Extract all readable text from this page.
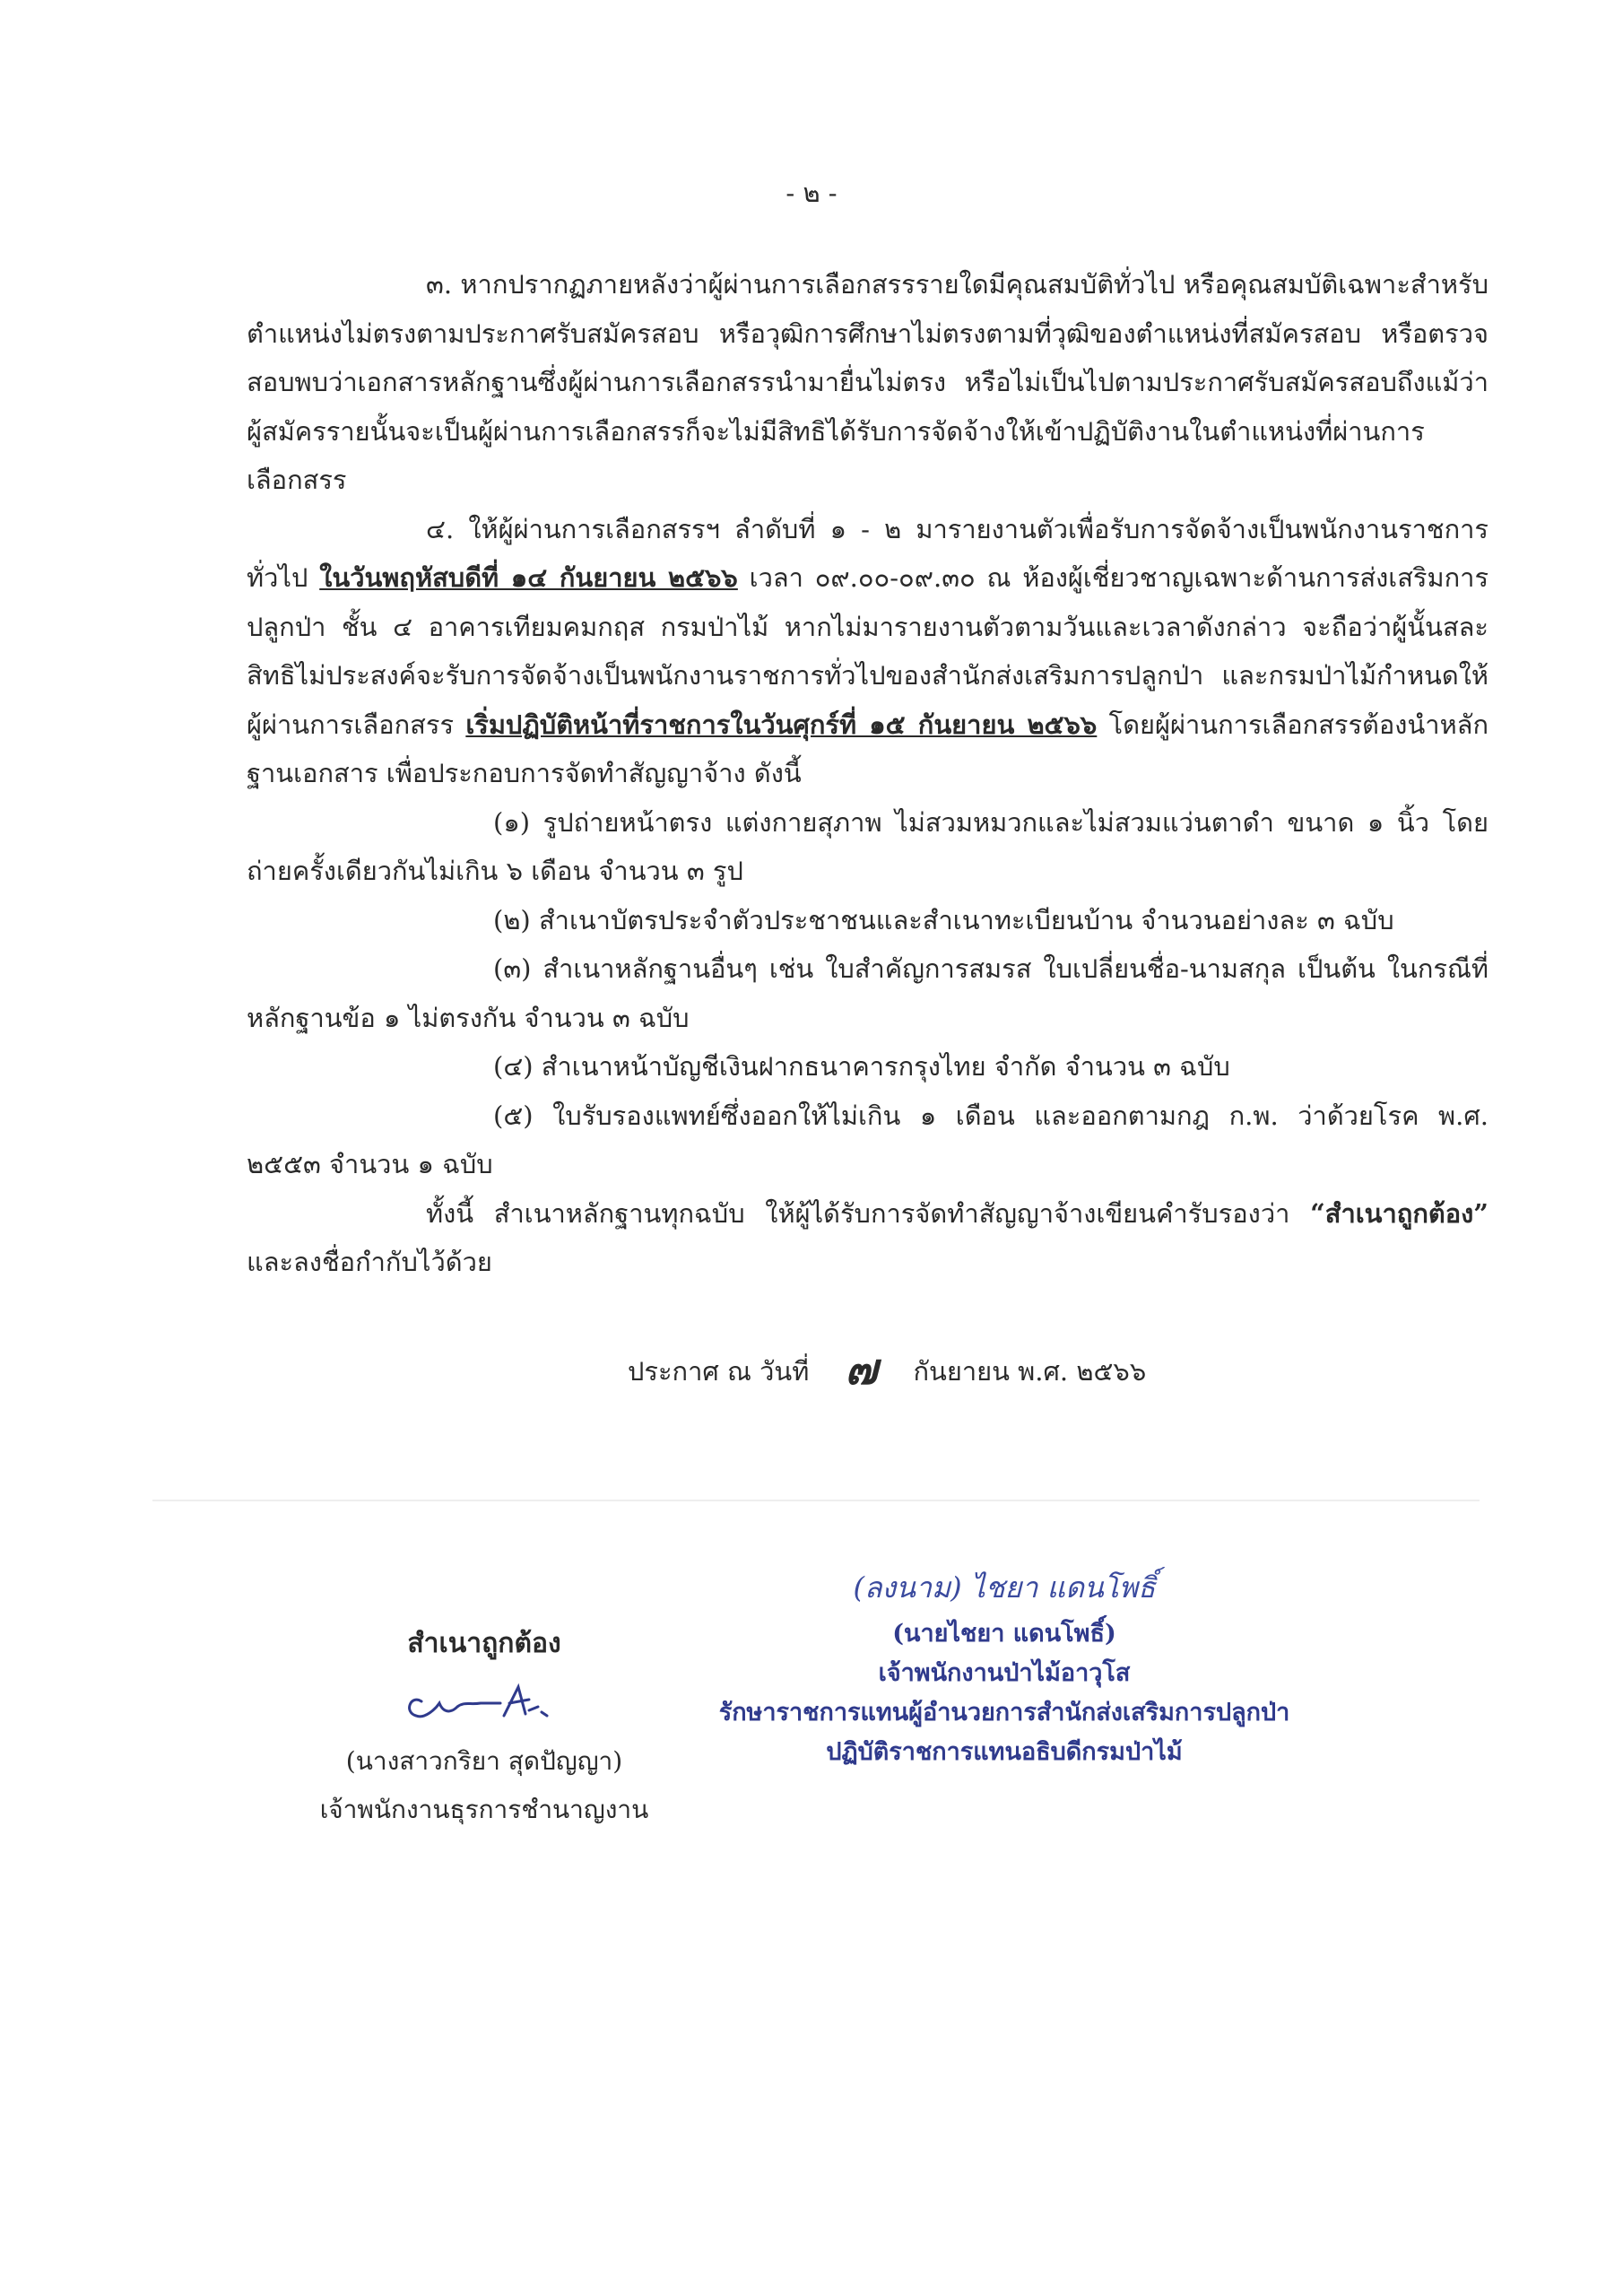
- ๒ -

๓. หากปรากฏภายหลังว่าผู้ผ่านการเลือกสรรรายใดมีคุณสมบัติทั่วไป หรือคุณสมบัติเฉพาะสำหรับตำแหน่งไม่ตรงตามประกาศรับสมัครสอบ หรือวุฒิการศึกษาไม่ตรงตามที่วุฒิของตำแหน่งที่สมัครสอบ หรือตรวจสอบพบว่าเอกสารหลักฐานซึ่งผู้ผ่านการเลือกสรรนำมายื่นไม่ตรง หรือไม่เป็นไปตามประกาศรับสมัครสอบถึงแม้ว่าผู้สมัครรายนั้นจะเป็นผู้ผ่านการเลือกสรรก็จะไม่มีสิทธิได้รับการจัดจ้างให้เข้าปฏิบัติงานในตำแหน่งที่ผ่านการเลือกสรร

๔. ให้ผู้ผ่านการเลือกสรรฯ ลำดับที่ ๑ - ๒ มารายงานตัวเพื่อรับการจัดจ้างเป็นพนักงานราชการทั่วไป ในวันพฤหัสบดีที่ ๑๔ กันยายน ๒๕๖๖ เวลา ๐๙.๐๐-๐๙.๓๐ ณ ห้องผู้เชี่ยวชาญเฉพาะด้านการส่งเสริมการปลูกป่า ชั้น ๔ อาคารเทียมคมกฤส กรมป่าไม้ หากไม่มารายงานตัวตามวันและเวลาดังกล่าว จะถือว่าผู้นั้นสละสิทธิไม่ประสงค์จะรับการจัดจ้างเป็นพนักงานราชการทั่วไปของสำนักส่งเสริมการปลูกป่า และกรมป่าไม้กำหนดให้ผู้ผ่านการเลือกสรร เริ่มปฏิบัติหน้าที่ราชการในวันศุกร์ที่ ๑๕ กันยายน ๒๕๖๖ โดยผู้ผ่านการเลือกสรรต้องนำหลักฐานเอกสาร เพื่อประกอบการจัดทำสัญญาจ้าง ดังนี้

(๑) รูปถ่ายหน้าตรง แต่งกายสุภาพ ไม่สวมหมวกและไม่สวมแว่นตาดำ ขนาด ๑ นิ้ว โดยถ่ายครั้งเดียวกันไม่เกิน ๖ เดือน จำนวน ๓ รูป

(๒) สำเนาบัตรประจำตัวประชาชนและสำเนาทะเบียนบ้าน จำนวนอย่างละ ๓ ฉบับ

(๓) สำเนาหลักฐานอื่นๆ เช่น ใบสำคัญการสมรส ใบเปลี่ยนชื่อ-นามสกุล เป็นต้น ในกรณีที่หลักฐานข้อ ๑ ไม่ตรงกัน จำนวน ๓ ฉบับ

(๔) สำเนาหน้าบัญชีเงินฝากธนาคารกรุงไทย จำกัด จำนวน ๓ ฉบับ

(๕) ใบรับรองแพทย์ซึ่งออกให้ไม่เกิน ๑ เดือน และออกตามกฎ ก.พ. ว่าด้วยโรค พ.ศ. ๒๕๕๓ จำนวน ๑ ฉบับ

ทั้งนี้ สำเนาหลักฐานทุกฉบับ ให้ผู้ได้รับการจัดทำสัญญาจ้างเขียนคำรับรองว่า “สำเนาถูกต้อง” และลงชื่อกำกับไว้ด้วย

ประกาศ ณ วันที่ ๗ กันยายน พ.ศ. ๒๕๖๖
(ลงนาม) ไชยา แดนโพธิ์
(นายไชยา แดนโพธิ์)
เจ้าพนักงานป่าไม้อาวุโส
รักษาราชการแทนผู้อำนวยการสำนักส่งเสริมการปลูกป่า
ปฏิบัติราชการแทนอธิบดีกรมป่าไม้
สำเนาถูกต้อง
(นางสาวกริยา สุดปัญญา)
เจ้าพนักงานธุรการชำนาญงาน
